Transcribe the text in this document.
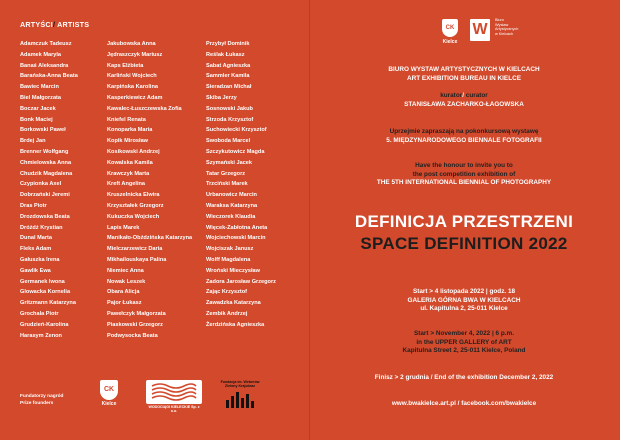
ARTYŚCI/ ARTISTS
Adamczuk Tadeusz
Adamek Maryla
Banaś Aleksandra
Barańska-Anna Beata
Bawiec Marcin
Biel Małgorzata
Boczar Jacek
Bonk Maciej
Borkowski Paweł
Brdej Jan
Brenner Wolfgang
Chmielowska Anna
Chudzik Magdalena
Czypionka Axel
Dobrzański Jeremi
Dras Piotr
Drozdowska Beata
Dróżdż Krystian
Dunal Marta
Fleks Adam
Gałuszka Irena
Gawlik Ewa
Germanek Iwona
Glowacka Kornelia
Gritzmann Katarzyna
Grochala Piotr
Grudzień-Karolina
Harasym Zenon
Jakubowska Anna
Jędraszczyk Mariusz
Kaps Elżbieta
Karliński Wojciech
Karpińska Karolina
Kasperkiewicz Adam
Kawalec-Łuszczewska Zofia
Kniefel Renata
Konoparka Maria
Kopik Mirosław
Kosikowski Andrzej
Kowalska Kamila
Krawczyk Marta
Kreft Angelina
Kruszelnicka Elwira
Krzyształek Grzegorz
Kukuczka Wojciech
Lapis Marek
Manikało-Obździńska Katarzyna
Mielczarzewicz Daria
Mikhailouskaya Palina
Niemiec Anna
Nowak Leszek
Obara Alicja
Pajor Łukasz
Pawełczyk Małgorzata
Piaskowski Grzegorz
Podwysocka Beata
Przybył Dominik
Reślak Łukasz
Sabat Agnieszka
Sammler Kamila
Sieradzan Michał
Skiba Jerzy
Sosnowski Jakub
Strzoda Krzysztof
Suchowiecki Krzysztof
Swoboda Marcel
Szczykutowicz Magda
Szymański Jacek
Tatar Grzegorz
Trzciński Marek
Urbanowicz Marcin
Waraksa Katarzyna
Wieczorek Klaudia
Więcek-Zabłotna Aneta
Wojciechowski Marcin
Wojciszak Janusz
Wolff Magdalena
Wroński Mieczysław
Zadora Jarosław Grzegorz
Zając Krzysztof
Zawadzka Katarzyna
Zembik Andrzej
Żerdzińska Agnieszka
Fundatorzy nagród
Prize founders
CK
Kielce	WODOCIĄGI KIELECKIE Sp. z o.o.
Fundacja im. Weberów Zielony Krajobraz
CK
Kielce
W
Biuro
Wystaw
Artystycznych
w Kielcach
BIURO WYSTAW ARTYSTYCZNYCH W KIELCACH
ART EXHIBITION BUREAU IN KIELCE
kurator/ curator
STANISŁAWA ZACHARKO-ŁAGOWSKA
Uprzejmie zapraszają na pokonkursową wystawę
5. MIĘDZYNARODOWEGO BIENNALE FOTOGRAFII
Have the honour to invite you to
the post competition exhibition of
THE 5TH INTERNATIONAL BIENNIAL OF PHOTOGRAPHY
DEFINICJA PRZESTRZENI
SPACE DEFINITION 2022
Start > 4 listopada 2022 | godz. 18
GALERIA GÓRNA BWA W KIELCACH
ul. Kapitulna 2, 25-011 Kielce
Start > November 4, 2022 | 6 p.m.
in the UPPER GALLERY of ART
Kapitulna Street 2, 25-011 Kielce, Poland
Finisz > 2 grudnia / End of the exhibition December 2, 2022
www.bwakielce.art.pl / facebook.com/bwakielce
